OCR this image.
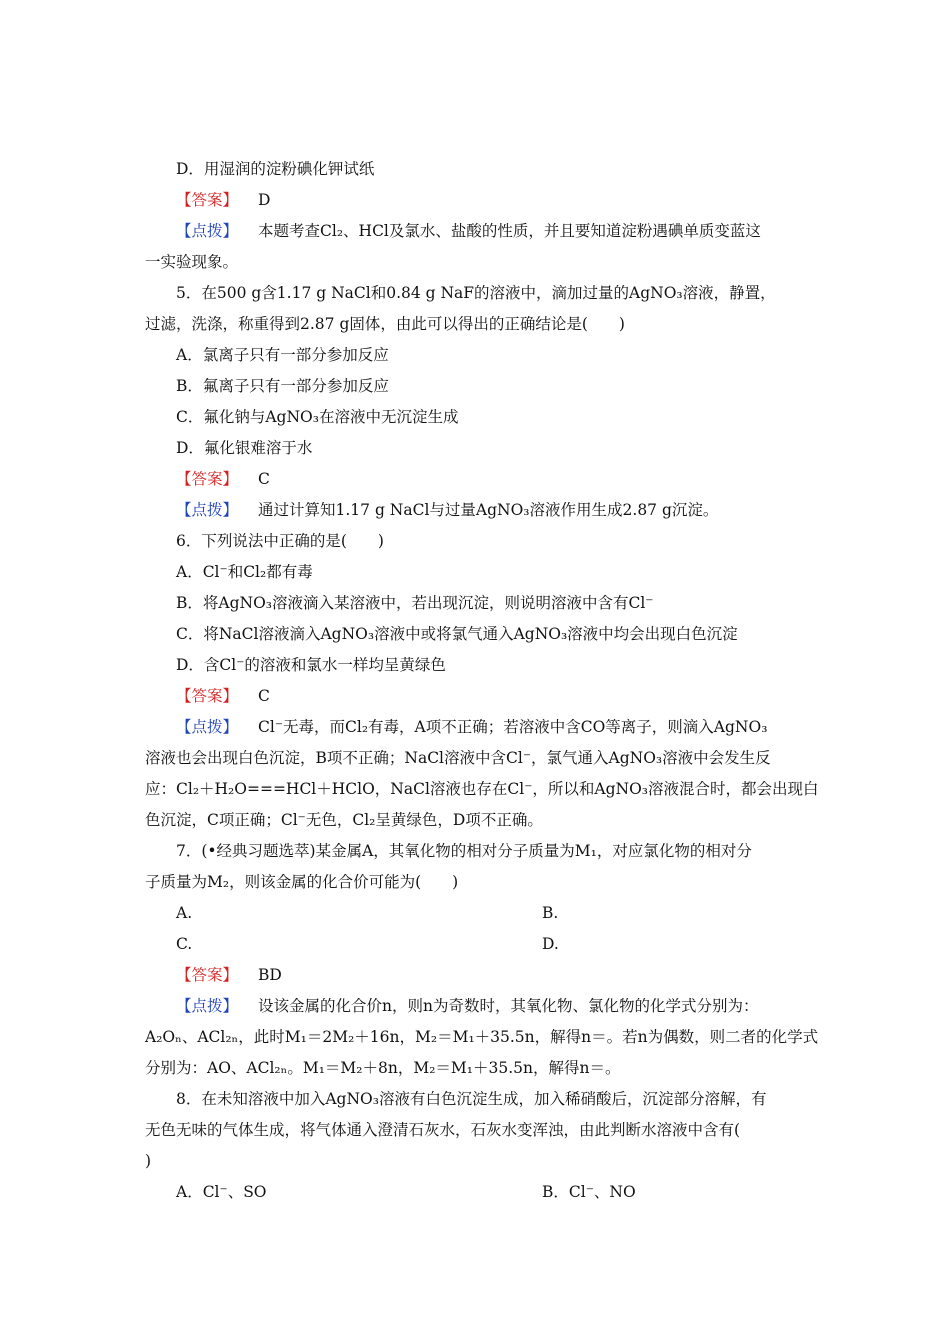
D．用湿润的淀粉碘化钾试纸
【答案】 D
【点拨】 本题考查Cl₂、HCl及氯水、盐酸的性质，并且要知道淀粉遇碘单质变蓝这
一实验现象。
5．在500 g含1.17 g NaCl和0.84 g NaF的溶液中，滴加过量的AgNO₃溶液，静置，
过滤，洗涤，称重得到2.87 g固体，由此可以得出的正确结论是(　　)
A．氯离子只有一部分参加反应
B．氟离子只有一部分参加反应
C．氟化钠与AgNO₃在溶液中无沉淀生成
D．氟化银难溶于水
【答案】 C
【点拨】 通过计算知1.17 g NaCl与过量AgNO₃溶液作用生成2.87 g沉淀。
6．下列说法中正确的是(　　)
A．Cl⁻和Cl₂都有毒
B．将AgNO₃溶液滴入某溶液中，若出现沉淀，则说明溶液中含有Cl⁻
C．将NaCl溶液滴入AgNO₃溶液中或将氯气通入AgNO₃溶液中均会出现白色沉淀
D．含Cl⁻的溶液和氯水一样均呈黄绿色
【答案】 C
【点拨】 Cl⁻无毒，而Cl₂有毒，A项不正确；若溶液中含CO等离子，则滴入AgNO₃
溶液也会出现白色沉淀，B项不正确；NaCl溶液中含Cl⁻，氯气通入AgNO₃溶液中会发生反
应：Cl₂＋H₂O===HCl＋HClO，NaCl溶液也存在Cl⁻，所以和AgNO₃溶液混合时，都会出现白
色沉淀，C项正确；Cl⁻无色，Cl₂呈黄绿色，D项不正确。
7．(•经典习题选萃)某金属A，其氧化物的相对分子质量为M₁，对应氯化物的相对分
子质量为M₂，则该金属的化合价可能为(　　)
A.	B.
C.	D.
【答案】 BD
【点拨】 设该金属的化合价n，则n为奇数时，其氧化物、氯化物的化学式分别为：
A₂Oₙ、ACl₂ₙ，此时M₁＝2M₂＋16n，M₂＝M₁＋35.5n，解得n＝。若n为偶数，则二者的化学式
分别为：AO、ACl₂ₙ。M₁＝M₂＋8n，M₂＝M₁＋35.5n，解得n＝。
8．在未知溶液中加入AgNO₃溶液有白色沉淀生成，加入稀硝酸后，沉淀部分溶解，有
无色无味的气体生成，将气体通入澄清石灰水，石灰水变浑浊，由此判断水溶液中含有(
)
A．Cl⁻、SO	B．Cl⁻、NO
